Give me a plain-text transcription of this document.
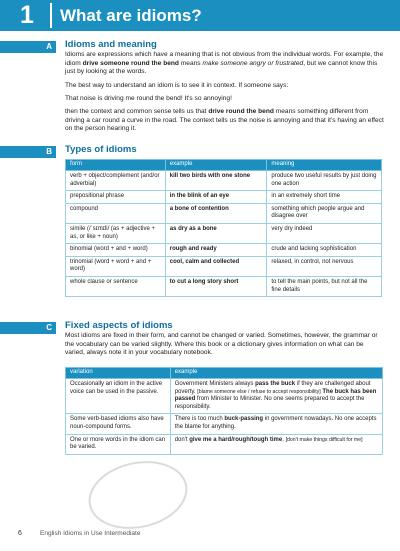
1	What are idioms?
A	Idioms and meaning
Idioms are expressions which have a meaning that is not obvious from the individual words. For example, the idiom drive someone round the bend means make someone angry or frustrated, but we cannot know this just by looking at the words.
The best way to understand an idiom is to see it in context. If someone says:
That noise is driving me round the bend! It's so annoying!
then the context and common sense tells us that drive round the bend means something different from driving a car round a curve in the road. The context tells us the noise is annoying and that it's having an effect on the person hearing it.
B	Types of idioms
form	example	meaning
verb + object/complement (and/or adverbial)	kill two birds with one stone	produce two useful results by just doing one action
prepositional phrase	in the blink of an eye	in an extremely short time
compound	a bone of contention	something which people argue and disagree over
simile (/ˈsɪmɪli/ (as + adjective + as, or like + noun)	as dry as a bone	very dry indeed
binomial (word + and + word)	rough and ready	crude and lacking sophistication
trinomial (word + word + and + word)	cool, calm and collected	relaxed, in control, not nervous
whole clause or sentence	to cut a long story short	to tell the main points, but not all the fine details
C	Fixed aspects of idioms
Most idioms are fixed in their form, and cannot be changed or varied. Sometimes, however, the grammar or the vocabulary can be varied slightly. Where this book or a dictionary gives information on what can be varied, always note it in your vocabulary notebook.
variation	example
Occasionally an idiom in the active voice can be used in the passive.	Government Ministers always pass the buck if they are challenged about poverty. [blame someone else / refuse to accept responsibility] The buck has been passed from Minister to Minister. No one seems prepared to accept the responsibility.
Some verb-based idioms also have noun-compound forms.	There is too much buck-passing in government nowadays. No one accepts the blame for anything.
One or more words in the idiom can be varied.	don't give me a hard/rough/tough time. [don't make things difficult for me]
6	English Idioms in Use Intermediate
